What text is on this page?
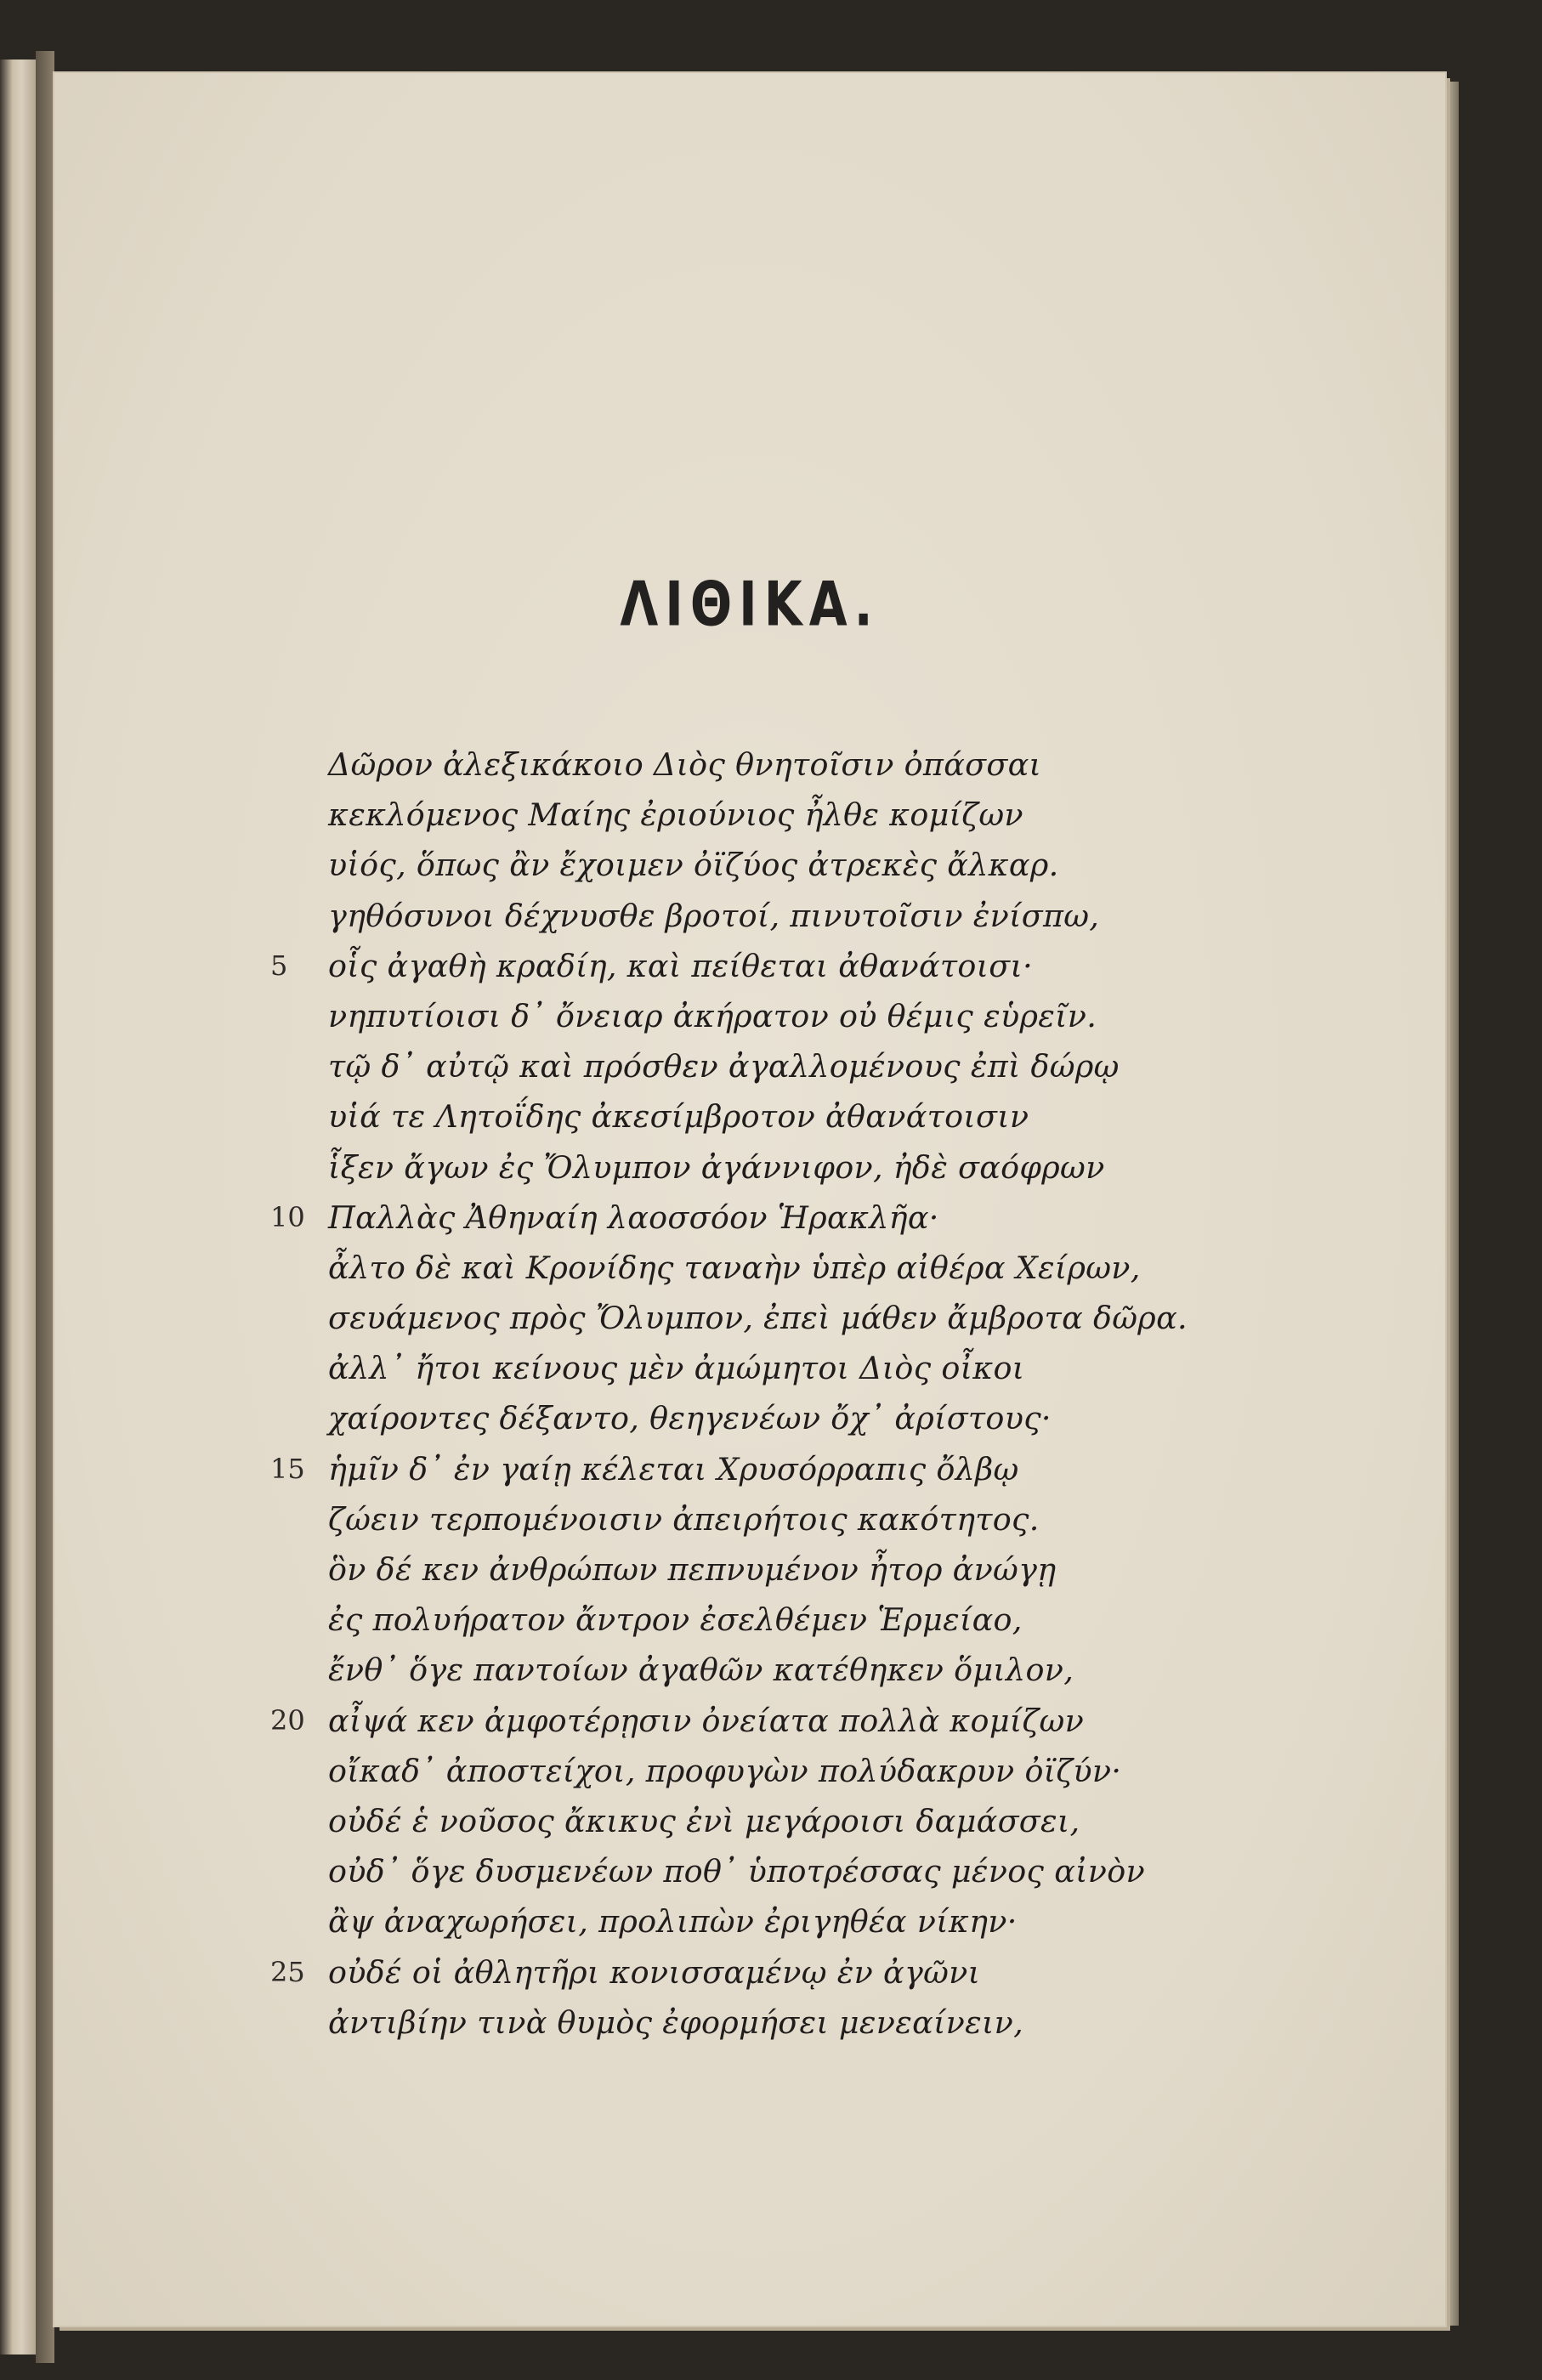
ΛΙΘΙΚΑ.
Δῶρον ἀλεξικάκοιο Διὸς θνητοῖσιν ὀπάσσαι
κεκλόμενος Μαίης ἐριούνιος ἦλθε κομίζων
υἱός, ὅπως ἂν ἔχοιμεν ὀϊζύος ἀτρεκὲς ἄλκαρ.
γηθόσυνοι δέχνυσθε βροτοί, πινυτοῖσιν ἐνίσπω,
5	οἷς ἀγαθὴ κραδίη, καὶ πείθεται ἀθανάτοισι·
νηπυτίοισι δ᾽ ὄνειαρ ἀκήρατον οὐ θέμις εὑρεῖν.
τῷ δ᾽ αὐτῷ καὶ πρόσθεν ἀγαλλομένους ἐπὶ δώρῳ
υἱά τε Λητοΐδης ἀκεσίμβροτον ἀθανάτοισιν
ἷξεν ἄγων ἐς Ὄλυμπον ἀγάννιφον, ἠδὲ σαόφρων
10 Παλλὰς Ἀθηναίη λαοσσόον Ἡρακλῆα·
ἆλτο δὲ καὶ Κρονίδης ταναὴν ὑπὲρ αἰθέρα Χείρων,
σευάμενος πρὸς Ὄλυμπον, ἐπεὶ μάθεν ἄμβροτα δῶρα.
ἀλλ᾽ ἤτοι κείνους μὲν ἀμώμητοι Διὸς οἶκοι
χαίροντες δέξαντο, θεηγενέων ὄχ᾽ ἀρίστους·
15 ἡμῖν δ᾽ ἐν γαίῃ κέλεται Χρυσόρραπις ὄλβῳ
ζώειν τερπομένοισιν ἀπειρήτοις κακότητος.
ὃν δέ κεν ἀνθρώπων πεπνυμένον ἦτορ ἀνώγῃ
ἐς πολυήρατον ἄντρον ἐσελθέμεν Ἑρμείαο,
ἔνθ᾽ ὅγε παντοίων ἀγαθῶν κατέθηκεν ὅμιλον,
20 αἶψά κεν ἀμφοτέρῃσιν ὀνείατα πολλὰ κομίζων
οἴκαδ᾽ ἀποστείχοι, προφυγὼν πολύδακρυν ὀϊζύν·
οὐδέ ἑ νοῦσος ἄκικυς ἐνὶ μεγάροισι δαμάσσει,
οὐδ᾽ ὅγε δυσμενέων ποθ᾽ ὑποτρέσσας μένος αἰνὸν
ἂψ ἀναχωρήσει, προλιπὼν ἐριγηθέα νίκην·
25 οὐδέ οἱ ἀθλητῆρι κονισσαμένῳ ἐν ἀγῶνι
ἀντιβίην τινὰ θυμὸς ἐφορμήσει μενεαίνειν,
